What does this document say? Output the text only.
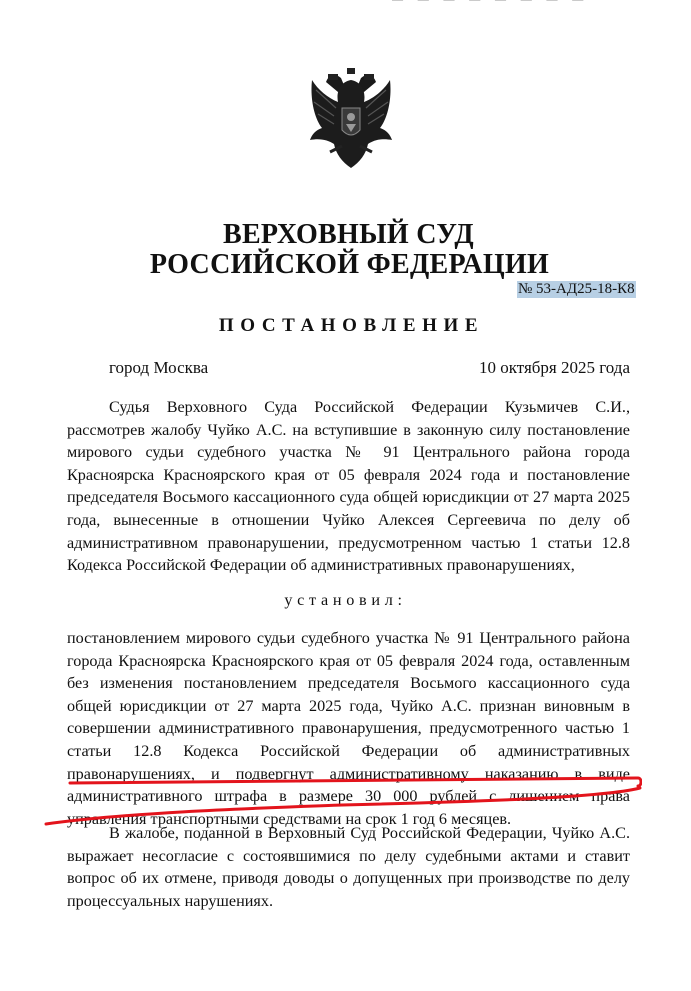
— — — — — — — —
ВЕРХОВНЫЙ СУД
РОССИЙСКОЙ ФЕДЕРАЦИИ
№ 53-АД25-18-К8
ПОСТАНОВЛЕНИЕ
город Москва	10 октября 2025 года

Судья Верховного Суда Российской Федерации Кузьмичев С.И., рассмотрев жалобу Чуйко А.С. на вступившие в законную силу постановление мирового судьи судебного участка № 91 Центрального района города Красноярска Красноярского края от 05 февраля 2024 года и постановление председателя Восьмого кассационного суда общей юрисдикции от 27 марта 2025 года, вынесенные в отношении Чуйко Алексея Сергеевича по делу об административном правонарушении, предусмотренном частью 1 статьи 12.8 Кодекса Российской Федерации об административных правонарушениях,

установил:

постановлением мирового судьи судебного участка № 91 Центрального района города Красноярска Красноярского края от 05 февраля 2024 года, оставленным без изменения постановлением председателя Восьмого кассационного суда общей юрисдикции от 27 марта 2025 года, Чуйко А.С. признан виновным в совершении административного правонарушения, предусмотренного частью 1 статьи 12.8 Кодекса Российской Федерации об административных правонарушениях, и подвергнут административному наказанию в виде административного штрафа в размере 30 000 рублей с лишением права управления транспортными средствами на срок 1 год 6 месяцев.

В жалобе, поданной в Верховный Суд Российской Федерации, Чуйко А.С. выражает несогласие с состоявшимися по делу судебными актами и ставит вопрос об их отмене, приводя доводы о допущенных при производстве по делу процессуальных нарушениях.
